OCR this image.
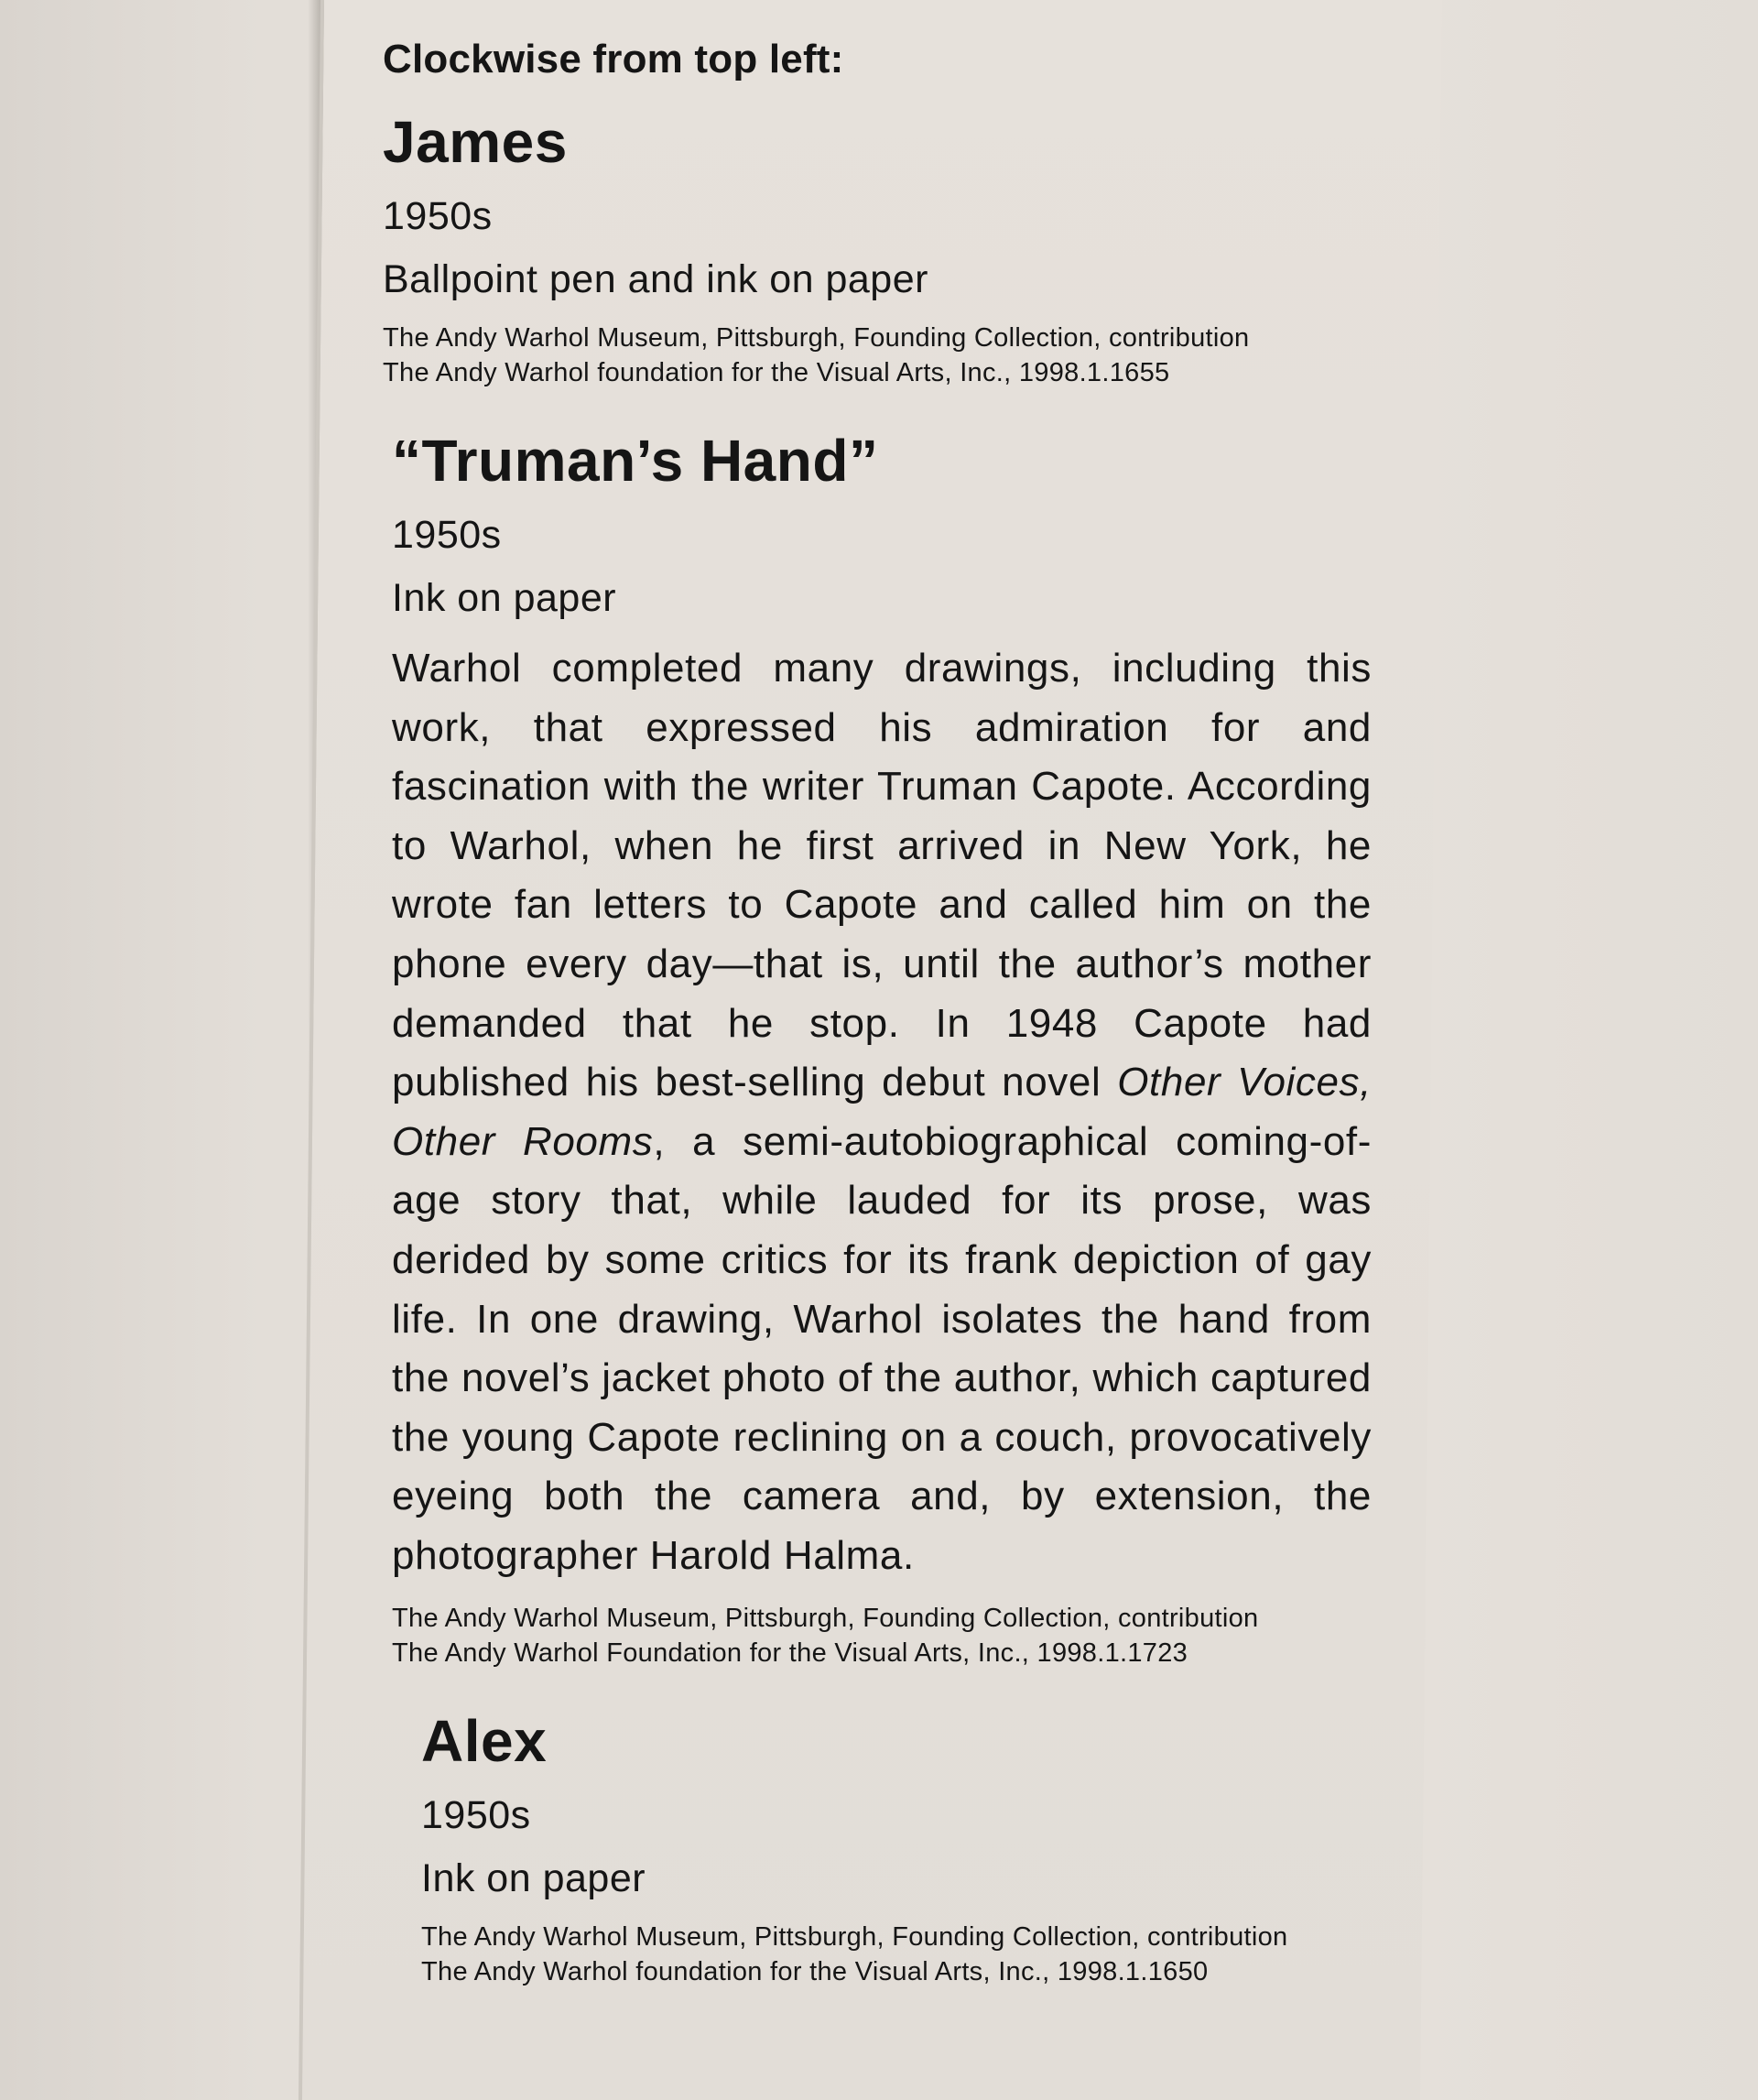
Clockwise from top left:
James
1950s
Ballpoint pen and ink on paper
The Andy Warhol Museum, Pittsburgh, Founding Collection, contribution
The Andy Warhol foundation for the Visual Arts, Inc., 1998.1.1655
“Truman’s Hand”
1950s
Ink on paper
Warhol completed many drawings, including this work, that expressed his admiration for and fascination with the writer Truman Capote. According to Warhol, when he first arrived in New York, he wrote fan letters to Capote and called him on the phone every day—that is, until the author’s mother demanded that he stop. In 1948 Capote had published his best-selling debut novel Other Voices, Other Rooms, a semi-autobiographical coming-of-age story that, while lauded for its prose, was derided by some critics for its frank depiction of gay life. In one drawing, Warhol isolates the hand from the novel’s jacket photo of the author, which captured the young Capote reclining on a couch, provocatively eyeing both the camera and, by extension, the photographer Harold Halma.
The Andy Warhol Museum, Pittsburgh, Founding Collection, contribution
The Andy Warhol Foundation for the Visual Arts, Inc., 1998.1.1723
Alex
1950s
Ink on paper
The Andy Warhol Museum, Pittsburgh, Founding Collection, contribution
The Andy Warhol foundation for the Visual Arts, Inc., 1998.1.1650
